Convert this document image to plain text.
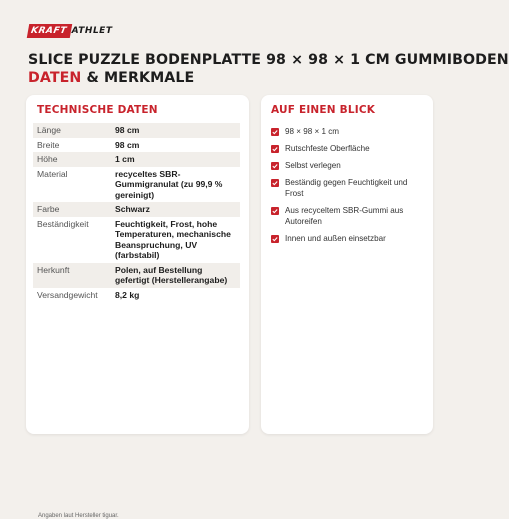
KRAFT ATHLET
SLICE PUZZLE BODENPLATTE 98 × 98 × 1 CM GUMMIBODEN
DATEN & MERKMALE
TECHNISCHE DATEN
Länge	98 cm
Breite	98 cm
Höhe	1 cm
Material	recyceltes SBR-Gummigranulat (zu 99,9 % gereinigt)
Farbe	Schwarz
Beständigkeit	Feuchtigkeit, Frost, hohe Temperaturen, mechanische Beanspruchung, UV (farbstabil)
Herkunft	Polen, auf Bestellung gefertigt (Herstellerangabe)
Versandgewicht	8,2 kg
Angaben laut Hersteller tiguar.
AUF EINEN BLICK
98 × 98 × 1 cm
Rutschfeste Oberfläche
Selbst verlegen
Beständig gegen Feuchtigkeit und Frost
Aus recyceltem SBR-Gummi aus Autoreifen
Innen und außen einsetzbar
